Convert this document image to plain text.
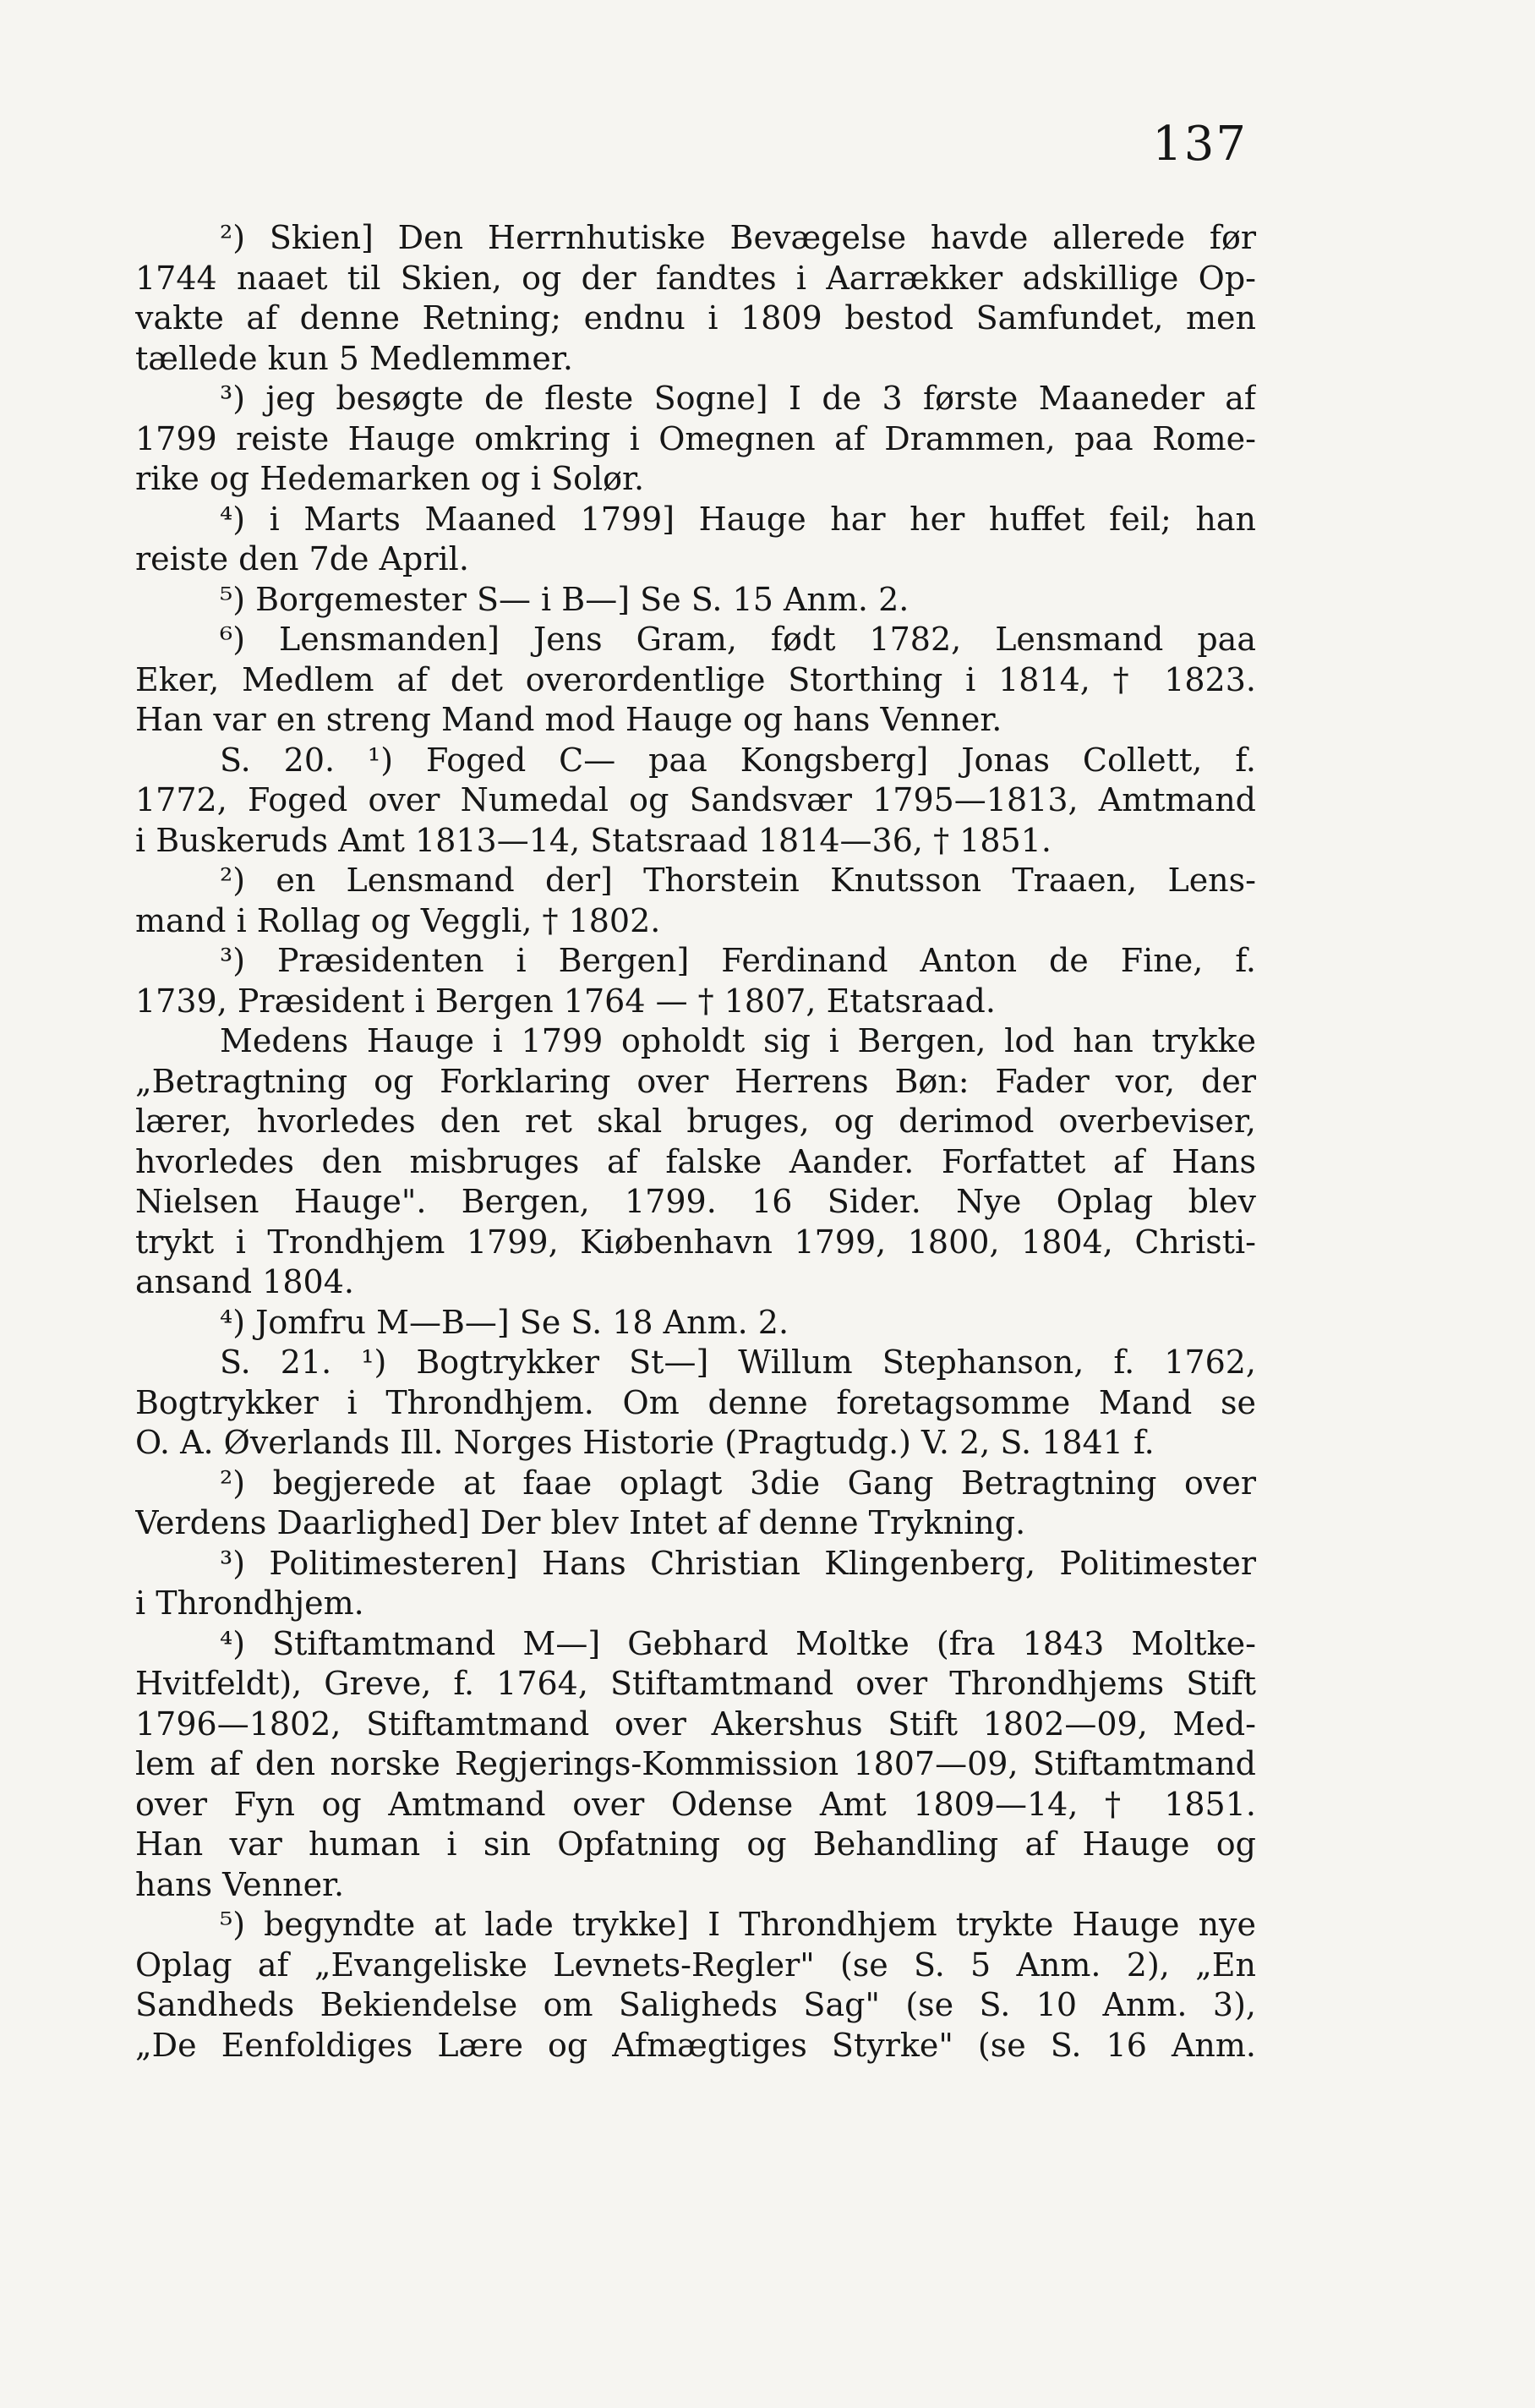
137
²) Skien] Den Herrnhutiske Bevægelse havde allerede før
1744 naaet til Skien, og der fandtes i Aarrækker adskillige Op-
vakte af denne Retning; endnu i 1809 bestod Samfundet, men
tællede kun 5 Medlemmer.
³) jeg besøgte de fleste Sogne] I de 3 første Maaneder af
1799 reiste Hauge omkring i Omegnen af Drammen, paa Rome-
rike og Hedemarken og i Solør.
⁴) i Marts Maaned 1799] Hauge har her huffet feil; han
reiste den 7de April.
⁵) Borgemester S— i B—] Se S. 15 Anm. 2.
⁶) Lensmanden] Jens Gram, født 1782, Lensmand paa
Eker, Medlem af det overordentlige Storthing i 1814, † 1823.
Han var en streng Mand mod Hauge og hans Venner.
S. 20. ¹) Foged C— paa Kongsberg] Jonas Collett, f.
1772, Foged over Numedal og Sandsvær 1795—1813, Amtmand
i Buskeruds Amt 1813—14, Statsraad 1814—36, † 1851.
²) en Lensmand der] Thorstein Knutsson Traaen, Lens-
mand i Rollag og Veggli, † 1802.
³) Præsidenten i Bergen] Ferdinand Anton de Fine, f.
1739, Præsident i Bergen 1764 — † 1807, Etatsraad.
Medens Hauge i 1799 opholdt sig i Bergen, lod han trykke
„Betragtning og Forklaring over Herrens Bøn: Fader vor, der
lærer, hvorledes den ret skal bruges, og derimod overbeviser,
hvorledes den misbruges af falske Aander. Forfattet af Hans
Nielsen Hauge". Bergen, 1799. 16 Sider. Nye Oplag blev
trykt i Trondhjem 1799, Kiøbenhavn 1799, 1800, 1804, Christi-
ansand 1804.
⁴) Jomfru M—B—] Se S. 18 Anm. 2.
S. 21. ¹) Bogtrykker St—] Willum Stephanson, f. 1762,
Bogtrykker i Throndhjem. Om denne foretagsomme Mand se
O. A. Øverlands Ill. Norges Historie (Pragtudg.) V. 2, S. 1841 f.
²) begjerede at faae oplagt 3die Gang Betragtning over
Verdens Daarlighed] Der blev Intet af denne Trykning.
³) Politimesteren] Hans Christian Klingenberg, Politimester
i Throndhjem.
⁴) Stiftamtmand M—] Gebhard Moltke (fra 1843 Moltke-
Hvitfeldt), Greve, f. 1764, Stiftamtmand over Throndhjems Stift
1796—1802, Stiftamtmand over Akershus Stift 1802—09, Med-
lem af den norske Regjerings-Kommission 1807—09, Stiftamtmand
over Fyn og Amtmand over Odense Amt 1809—14, † 1851.
Han var human i sin Opfatning og Behandling af Hauge og
hans Venner.
⁵) begyndte at lade trykke] I Throndhjem trykte Hauge nye
Oplag af „Evangeliske Levnets-Regler" (se S. 5 Anm. 2), „En
Sandheds Bekiendelse om Saligheds Sag" (se S. 10 Anm. 3),
„De Eenfoldiges Lære og Afmægtiges Styrke" (se S. 16 Anm.
